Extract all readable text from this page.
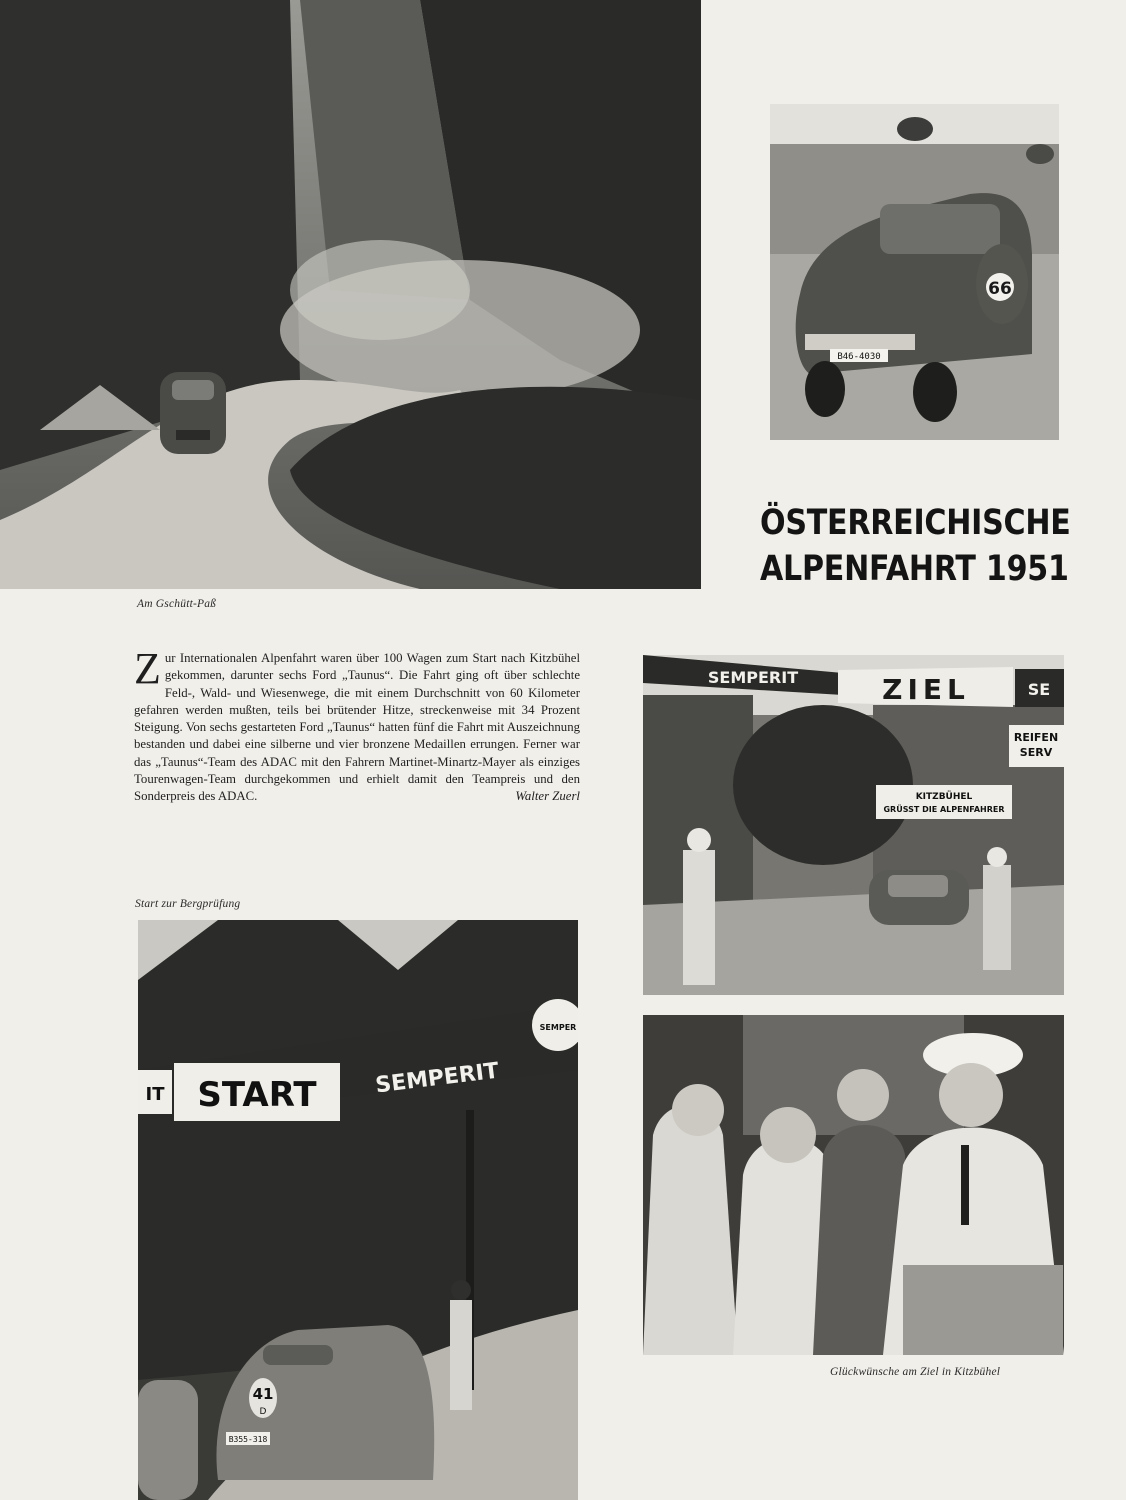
Am Gschütt-Paß
66
B46-4030
ÖSTERREICHISCHE
ALPENFAHRT 1951
Z ur Internationalen Alpenfahrt waren über 100 Wagen zum Start nach Kitzbühel gekommen, darunter sechs Ford „Taunus“. Die Fahrt ging oft über schlechte Feld-, Wald- und Wiesenwege, die mit einem Durchschnitt von 60 Kilometer gefahren werden mußten, teils bei brütender Hitze, streckenweise mit 34 Prozent Steigung. Von sechs gestarteten Ford „Taunus“ hatten fünf die Fahrt mit Auszeichnung bestanden und dabei eine silberne und vier bronzene Medaillen errungen. Ferner war das „Taunus“-Team des ADAC mit den Fahrern Martinet-Minartz-Mayer als einziges Tourenwagen-Team durchgekommen und erhielt damit den Teampreis und den Sonderpreis des ADAC.	Walter Zuerl
SEMPERIT	ZIEL	SE
REIFEN
SERV
KITZBÜHEL
GRÜSST DIE ALPENFAHRER
IT START	SEMPERIT
SEMPER
41
D
B355-318
Start zur Bergprüfung
Glückwünsche am Ziel in Kitzbühel
